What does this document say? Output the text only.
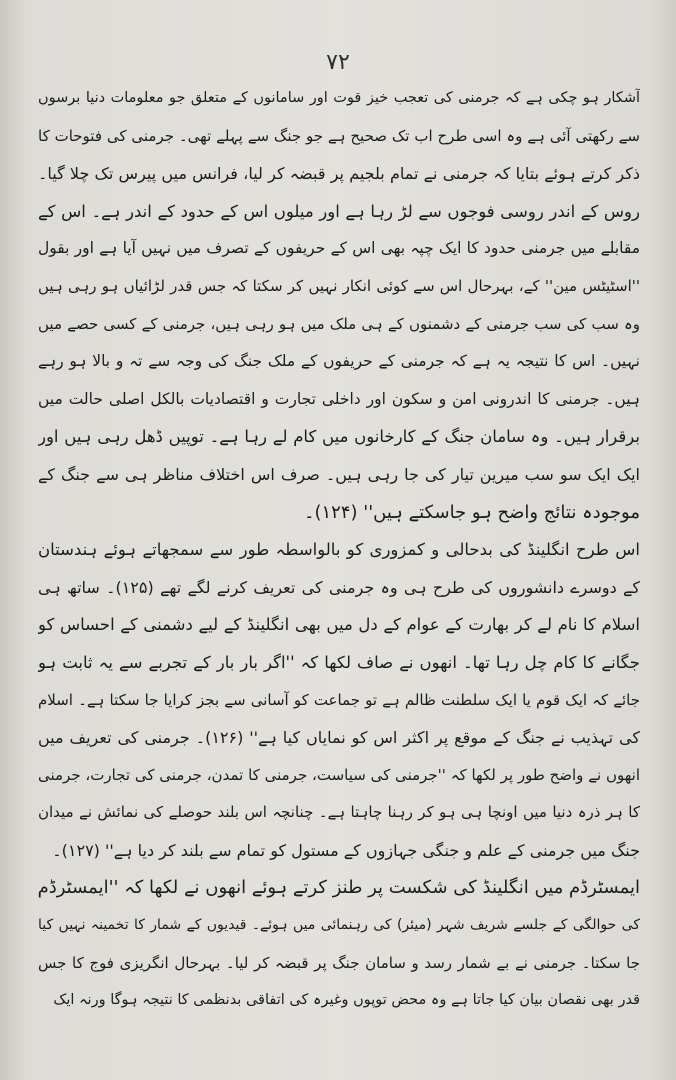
۷۲
آشکار ہو چکی ہے کہ جرمنی کی تعجب خیز قوت اور سامانوں کے متعلق جو معلومات دنیا برسوں
سے رکھتی آئی ہے وہ اسی طرح اب تک صحیح ہے جو جنگ سے پہلے تھی۔ جرمنی کی فتوحات کا
ذکر کرتے ہوئے بتایا کہ جرمنی نے تمام بلجیم پر قبضہ کر لیا، فرانس میں پیرس تک چلا گیا۔
روس کے اندر روسی فوجوں سے لڑ رہا ہے اور میلوں اس کے حدود کے اندر ہے۔ اس کے
مقابلے میں جرمنی حدود کا ایک چپہ بھی اس کے حریفوں کے تصرف میں نہیں آیا ہے اور بقول
''اسٹیٹس مین'' کے، بہرحال اس سے کوئی انکار نہیں کر سکتا کہ جس قدر لڑائیاں ہو رہی ہیں
وہ سب کی سب جرمنی کے دشمنوں کے ہی ملک میں ہو رہی ہیں، جرمنی کے کسی حصے میں
نہیں۔ اس کا نتیجہ یہ ہے کہ جرمنی کے حریفوں کے ملک جنگ کی وجہ سے تہ و بالا ہو رہے
ہیں۔ جرمنی کا اندرونی امن و سکون اور داخلی تجارت و اقتصادیات بالکل اصلی حالت میں
برقرار ہیں۔ وہ سامان جنگ کے کارخانوں میں کام لے رہا ہے۔ توپیں ڈھل رہی ہیں اور
ایک ایک سو سب میرین تیار کی جا رہی ہیں۔ صرف اس اختلاف مناظر ہی سے جنگ کے
موجودہ نتائج واضح ہو جاسکتے ہیں'' (۱۲۴)۔
اس طرح انگلینڈ کی بدحالی و کمزوری کو بالواسطہ طور سے سمجھاتے ہوئے ہندستان
کے دوسرے دانشوروں کی طرح ہی وہ جرمنی کی تعریف کرنے لگے تھے (۱۲۵)۔ ساتھ ہی
اسلام کا نام لے کر بھارت کے عوام کے دل میں بھی انگلینڈ کے لیے دشمنی کے احساس کو
جگانے کا کام چل رہا تھا۔ انھوں نے صاف لکھا کہ ''اگر بار بار کے تجربے سے یہ ثابت ہو
جائے کہ ایک قوم یا ایک سلطنت ظالم ہے تو جماعت کو آسانی سے بجز کرایا جا سکتا ہے۔ اسلام
کی تہذیب نے جنگ کے موقع پر اکثر اس کو نمایاں کیا ہے'' (۱۲۶)۔ جرمنی کی تعریف میں
انھوں نے واضح طور پر لکھا کہ ''جرمنی کی سیاست، جرمنی کا تمدن، جرمنی کی تجارت، جرمنی
کا ہر ذرہ دنیا میں اونچا ہی ہو کر رہنا چاہتا ہے۔ چنانچہ اس بلند حوصلے کی نمائش نے میدان
جنگ میں جرمنی کے علم و جنگی جہازوں کے مستول کو تمام سے بلند کر دیا ہے'' (۱۲۷)۔
ایمسٹرڈم میں انگلینڈ کی شکست پر طنز کرتے ہوئے انھوں نے لکھا کہ ''ایمسٹرڈم
کی حوالگی کے جلسے شریف شہر (میئر) کی رہنمائی میں ہوئے۔ قیدیوں کے شمار کا تخمینہ نہیں کیا
جا سکتا۔ جرمنی نے بے شمار رسد و سامان جنگ پر قبضہ کر لیا۔ بہرحال انگریزی فوج کا جس
قدر بھی نقصان بیان کیا جاتا ہے وہ محض توپوں وغیرہ کی اتفاقی بدنظمی کا نتیجہ ہوگا ورنہ ایک
